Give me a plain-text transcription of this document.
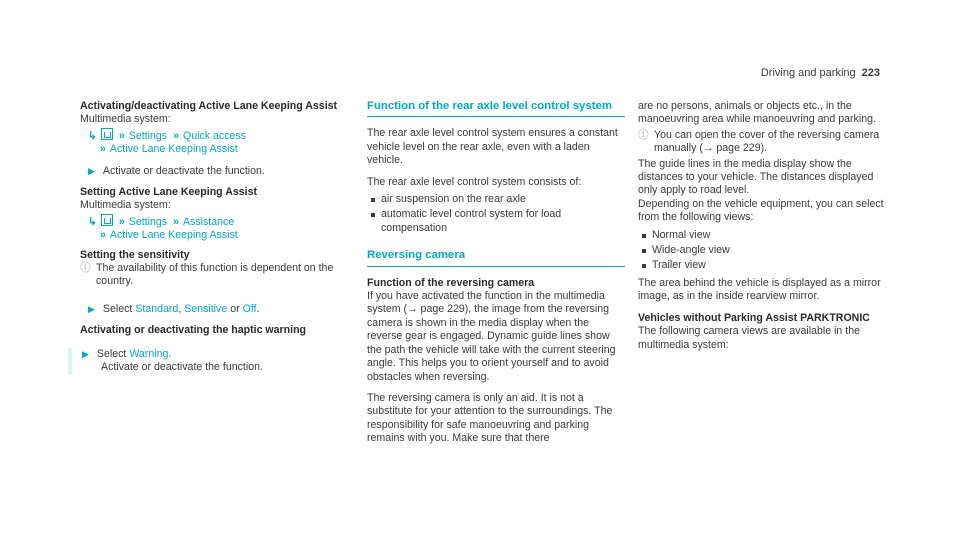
Driving and parking 223

Activating/deactivating Active Lane Keeping Assist

Multimedia system:

↳ » Settings » Quick access

» Active Lane Keeping Assist

▶ Activate or deactivate the function.

Setting Active Lane Keeping Assist

Multimedia system:

↳ » Settings » Assistance

» Active Lane Keeping Assist

Setting the sensitivity

ⓘ The availability of this function is dependent on the country.

▶ Select Standard, Sensitive or Off.

Activating or deactivating the haptic warning

▶ Select Warning.

Activate or deactivate the function.

Function of the rear axle level control system

The rear axle level control system ensures a constant vehicle level on the rear axle, even with a laden vehicle.

The rear axle level control system consists of:

air suspension on the rear axle
automatic level control system for load compensation
Reversing camera

Function of the reversing camera

If you have activated the function in the multimedia system (→ page 229), the image from the reversing camera is shown in the media display when the reverse gear is engaged. Dynamic guide lines show the path the vehicle will take with the current steering angle. This helps you to orient yourself and to avoid obstacles when reversing.

The reversing camera is only an aid. It is not a substitute for your attention to the surroundings. The responsibility for safe manoeuvring and parking remains with you. Make sure that there

are no persons, animals or objects etc., in the manoeuvring area while manoeuvring and parking.

ⓘ You can open the cover of the reversing camera manually (→ page 229).

The guide lines in the media display show the distances to your vehicle. The distances displayed only apply to road level.

Depending on the vehicle equipment, you can select from the following views:

Normal view
Wide-angle view
Trailer view

The area behind the vehicle is displayed as a mirror image, as in the inside rearview mirror.

Vehicles without Parking Assist PARKTRONIC

The following camera views are available in the multimedia system:
